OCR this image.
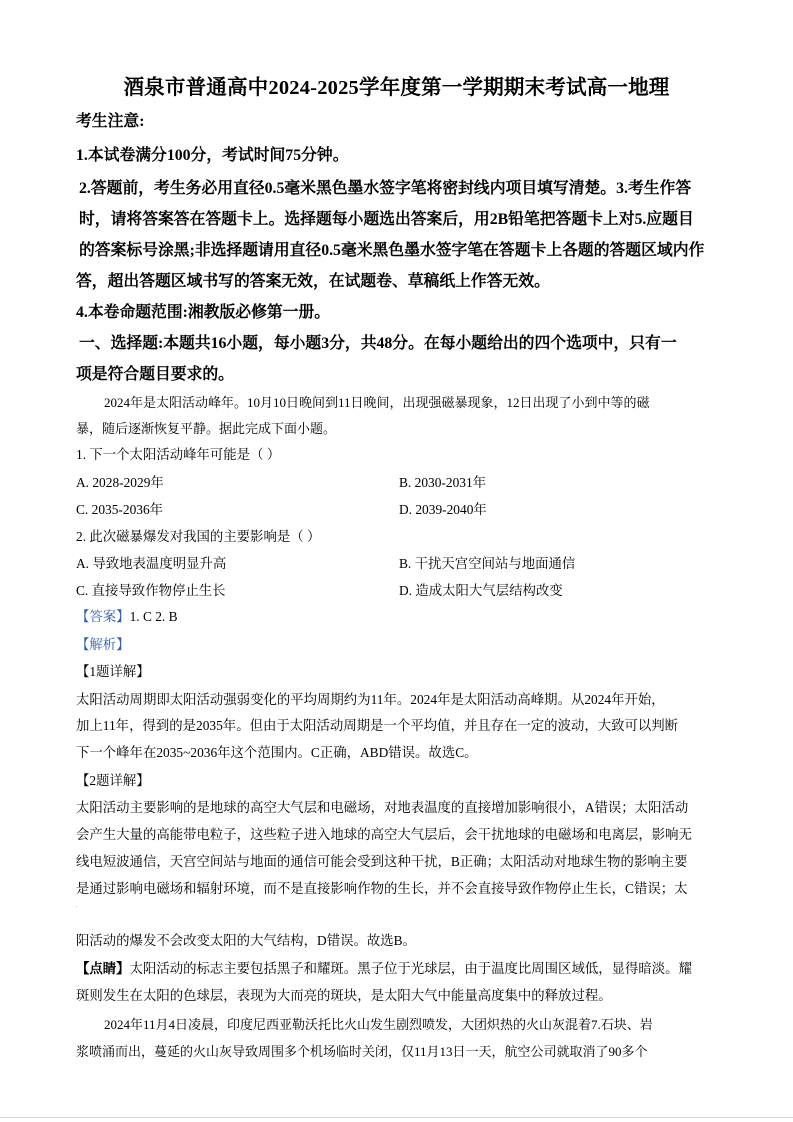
酒泉市普通高中2024-2025学年度第一学期期末考试高一地理
考生注意:
1.本试卷满分100分，考试时间75分钟。
2.答题前，考生务必用直径0.5毫米黑色墨水签字笔将密封线内项目填写清楚。3.考生作答
时，请将答案答在答题卡上。选择题每小题选出答案后，用2B铅笔把答题卡上对5.应题目
的答案标号涂黑;非选择题请用直径0.5毫米黑色墨水签字笔在答题卡上各题的答题区域内作
答，超出答题区域书写的答案无效，在试题卷、草稿纸上作答无效。
4.本卷命题范围:湘教版必修第一册。
一、选择题:本题共16小题，每小题3分，共48分。在每小题给出的四个选项中，只有一
项是符合题目要求的。
2024年是太阳活动峰年。10月10日晚间到11日晚间，出现强磁暴现象，12日出现了小到中等的磁
暴，随后逐渐恢复平静。据此完成下面小题。
1. 下一个太阳活动峰年可能是（ ）
A. 2028-2029年	B. 2030-2031年
C. 2035-2036年	D. 2039-2040年
2. 此次磁暴爆发对我国的主要影响是（ ）
A. 导致地表温度明显升高	B. 干扰天宫空间站与地面通信
C. 直接导致作物停止生长	D. 造成太阳大气层结构改变
【答案】1. C 2. B
【解析】
【1题详解】
太阳活动周期即太阳活动强弱变化的平均周期约为11年。2024年是太阳活动高峰期。从2024年开始，
加上11年，得到的是2035年。但由于太阳活动周期是一个平均值，并且存在一定的波动，大致可以判断
下一个峰年在2035~2036年这个范围内。C正确，ABD错误。故选C。
【2题详解】
太阳活动主要影响的是地球的高空大气层和电磁场，对地表温度的直接增加影响很小，A错误；太阳活动
会产生大量的高能带电粒子，这些粒子进入地球的高空大气层后，会干扰地球的电磁场和电离层，影响无
线电短波通信，天宫空间站与地面的通信可能会受到这种干扰，B正确；太阳活动对地球生物的影响主要
是通过影响电磁场和辐射环境，而不是直接影响作物的生长，并不会直接导致作物停止生长，C错误；太
阳活动的爆发不会改变太阳的大气结构，D错误。故选B。
【点睛】太阳活动的标志主要包括黑子和耀斑。黑子位于光球层，由于温度比周围区域低，显得暗淡。耀
斑则发生在太阳的色球层，表现为大而亮的斑块，是太阳大气中能量高度集中的释放过程。
2024年11月4日凌晨，印度尼西亚勒沃托比火山发生剧烈喷发，大团炽热的火山灰混着7.石块、岩
浆喷涌而出，蔓延的火山灰导致周围多个机场临时关闭，仅11月13日一天，航空公司就取消了90多个
